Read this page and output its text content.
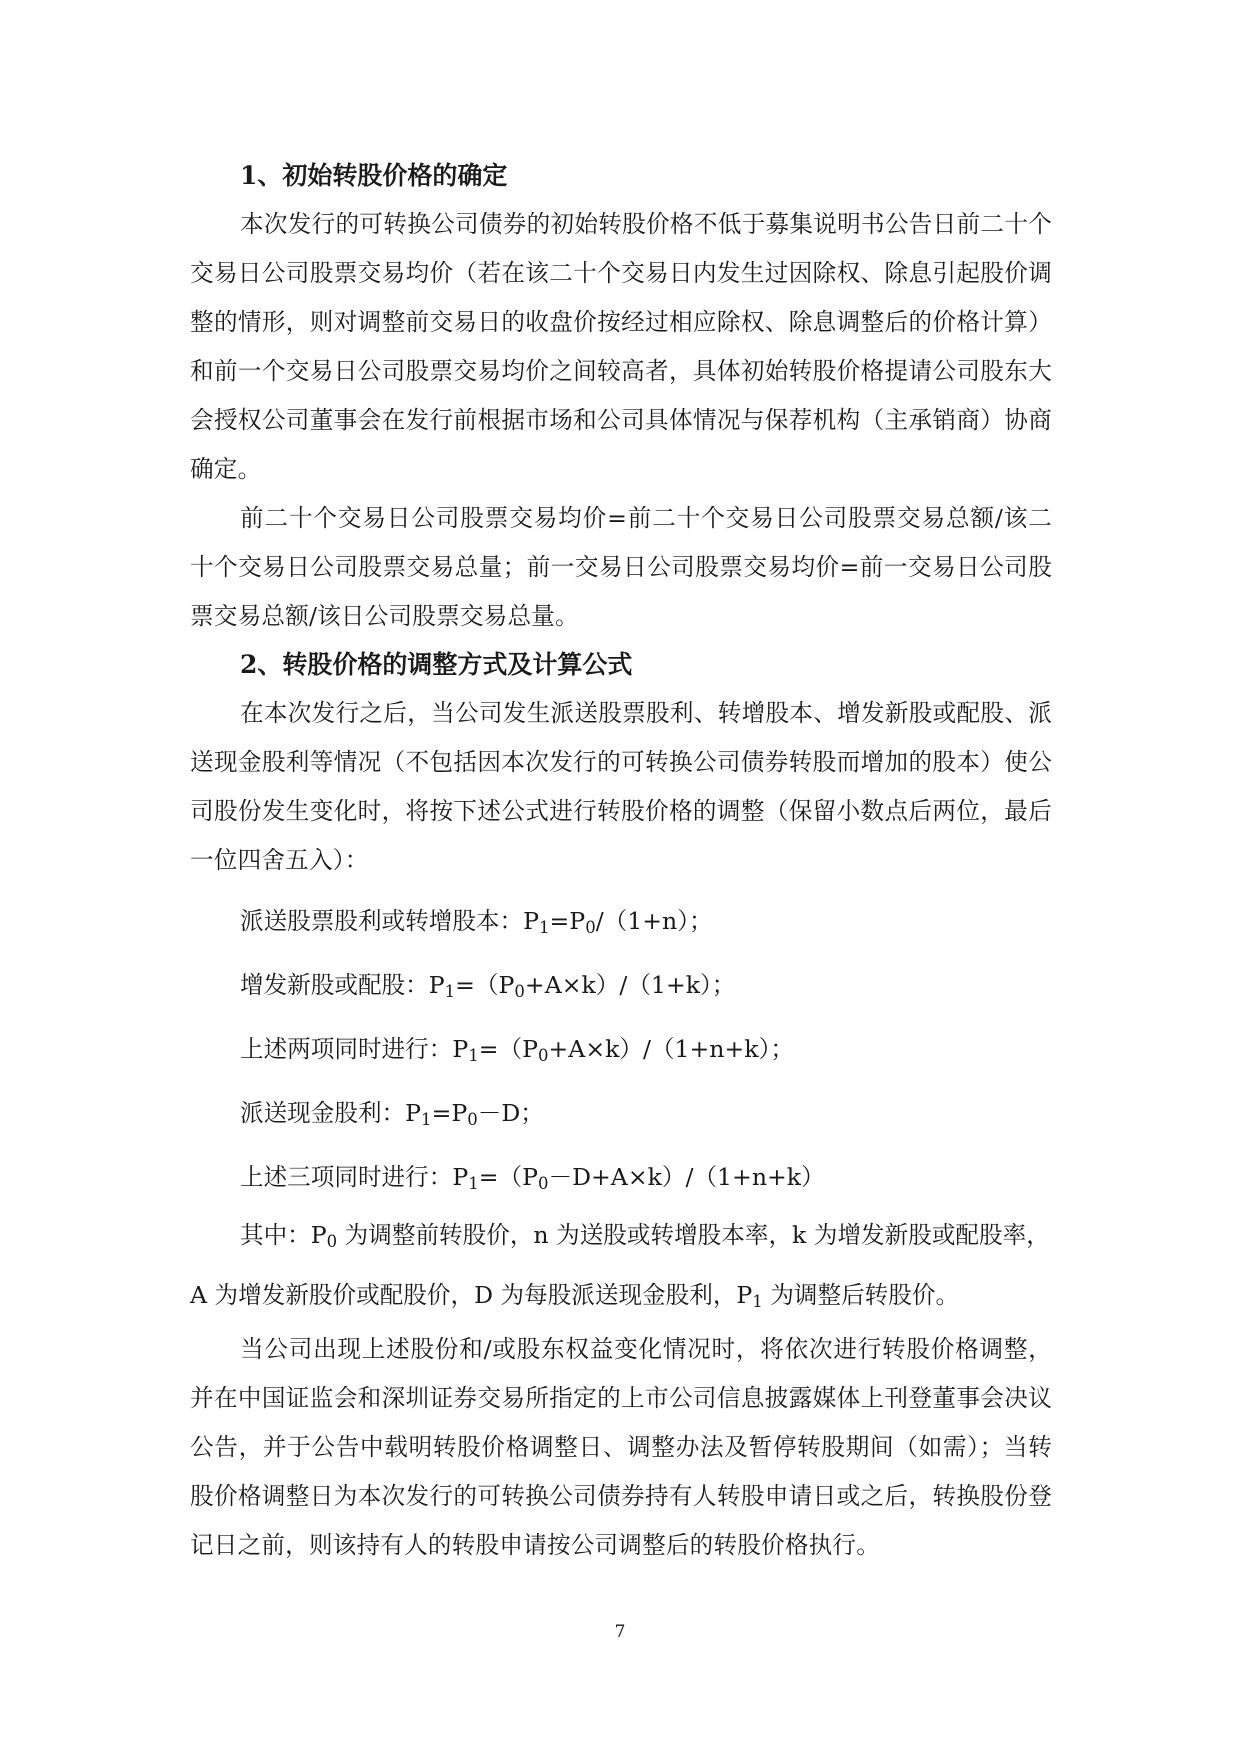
1、初始转股价格的确定

本次发行的可转换公司债券的初始转股价格不低于募集说明书公告日前二十个交易日公司股票交易均价（若在该二十个交易日内发生过因除权、除息引起股价调整的情形，则对调整前交易日的收盘价按经过相应除权、除息调整后的价格计算）和前一个交易日公司股票交易均价之间较高者，具体初始转股价格提请公司股东大会授权公司董事会在发行前根据市场和公司具体情况与保荐机构（主承销商）协商确定。

前二十个交易日公司股票交易均价=前二十个交易日公司股票交易总额/该二十个交易日公司股票交易总量；前一交易日公司股票交易均价=前一交易日公司股票交易总额/该日公司股票交易总量。

2、转股价格的调整方式及计算公式

在本次发行之后，当公司发生派送股票股利、转增股本、增发新股或配股、派送现金股利等情况（不包括因本次发行的可转换公司债券转股而增加的股本）使公司股份发生变化时，将按下述公式进行转股价格的调整（保留小数点后两位，最后一位四舍五入）：

派送股票股利或转增股本：$P_1=P_0/(1+n)$；

增发新股或配股：$P_1=(P_0+A\times k)/(1+k)$；

上述两项同时进行：$P_1=(P_0+A\times k)/(1+n+k)$；

派送现金股利：$P_1=P_0-D$；

上述三项同时进行：$P_1=(P_0-D+A\times k)/(1+n+k)$

其中：$P_0$ 为调整前转股价，n 为送股或转增股本率，k 为增发新股或配股率，

A 为增发新股价或配股价，D 为每股派送现金股利，$P_1$ 为调整后转股价。

当公司出现上述股份和/或股东权益变化情况时，将依次进行转股价格调整，并在中国证监会和深圳证券交易所指定的上市公司信息披露媒体上刊登董事会决议公告，并于公告中载明转股价格调整日、调整办法及暂停转股期间（如需）；当转股价格调整日为本次发行的可转换公司债券持有人转股申请日或之后，转换股份登记日之前，则该持有人的转股申请按公司调整后的转股价格执行。

7
